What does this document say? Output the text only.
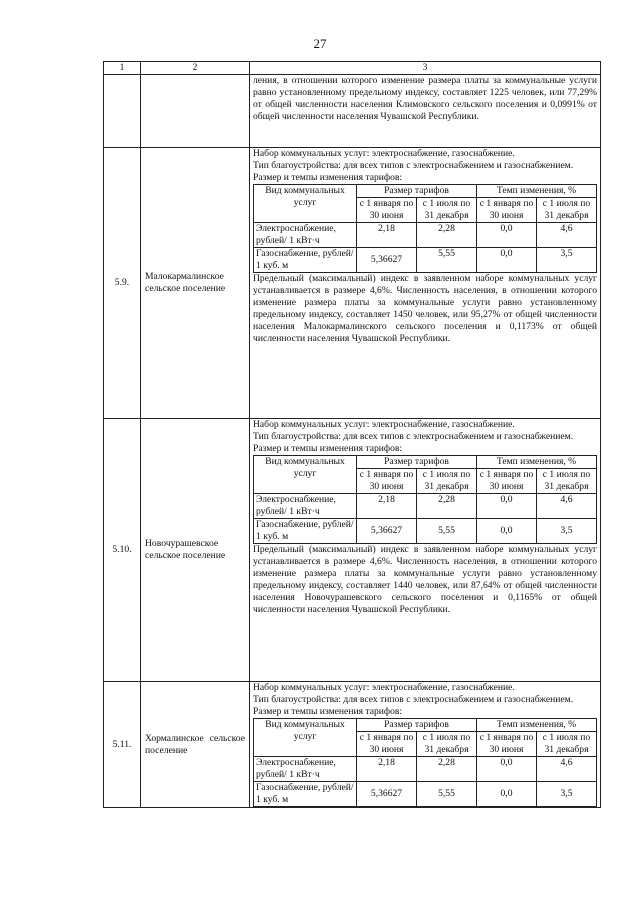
27
1	2	3

ления, в отношении которого изменение размера платы за коммунальные услуги равно установленному предельному индексу, составляет 1225 человек, или 77,29% от общей численности населения Климовского сельского поселения и 0,0991% от общей численности населения Чувашской Республики.

5.9.	Малокармалинское сельское поселение	

Набор коммунальных услуг: электроснабжение, газоснабжение.

Тип благоустройства: для всех типов с электроснабжением и газоснабжением.

Размер и темпы изменения тарифов:

Вид коммунальных услуг	Размер тарифов	Темп изменения, %
с 1 января по 30 июня	с 1 июля по 31 декабря	с 1 января по 30 июня	с 1 июля по 31 декабря
Электроснабжение, рублей/ 1 кВт·ч	2,18	2,28	0,0	4,6
Газоснабжение, рублей/ 1 куб. м	5,36627	5,55	0,0	3,5

Предельный (максимальный) индекс в заявленном наборе коммунальных услуг устанавливается в размере 4,6%. Численность населения, в отношении которого изменение размера платы за коммунальные услуги равно установленному предельному индексу, составляет 1450 человек, или 95,27% от общей численности населения Малокармалинского сельского поселения и 0,1173% от общей численности населения Чувашской Республики.

5.10.	Новочурашевское сельское поселение	

Набор коммунальных услуг: электроснабжение, газоснабжение.

Тип благоустройства: для всех типов с электроснабжением и газоснабжением.

Размер и темпы изменения тарифов:

Вид коммунальных услуг	Размер тарифов	Темп изменения, %
с 1 января по 30 июня	с 1 июля по 31 декабря	с 1 января по 30 июня	с 1 июля по 31 декабря
Электроснабжение, рублей/ 1 кВт·ч	2,18	2,28	0,0	4,6
Газоснабжение, рублей/ 1 куб. м	5,36627	5,55	0,0	3,5

Предельный (максимальный) индекс в заявленном наборе коммунальных услуг устанавливается в размере 4,6%. Численность населения, в отношении которого изменение размера платы за коммунальные услуги равно установленному предельному индексу, составляет 1440 человек, или 87,64% от общей численности населения Новочурашевского сельского поселения и 0,1165% от общей численности населения Чувашской Республики.

5.11.	Хормалинское сельское поселение	

Набор коммунальных услуг: электроснабжение, газоснабжение.

Тип благоустройства: для всех типов с электроснабжением и газоснабжением.

Размер и темпы изменения тарифов:

Вид коммунальных услуг	Размер тарифов	Темп изменения, %
с 1 января по 30 июня	с 1 июля по 31 декабря	с 1 января по 30 июня	с 1 июля по 31 декабря
Электроснабжение, рублей/ 1 кВт·ч	2,18	2,28	0,0	4,6
Газоснабжение, рублей/ 1 куб. м	5,36627	5,55	0,0	3,5
